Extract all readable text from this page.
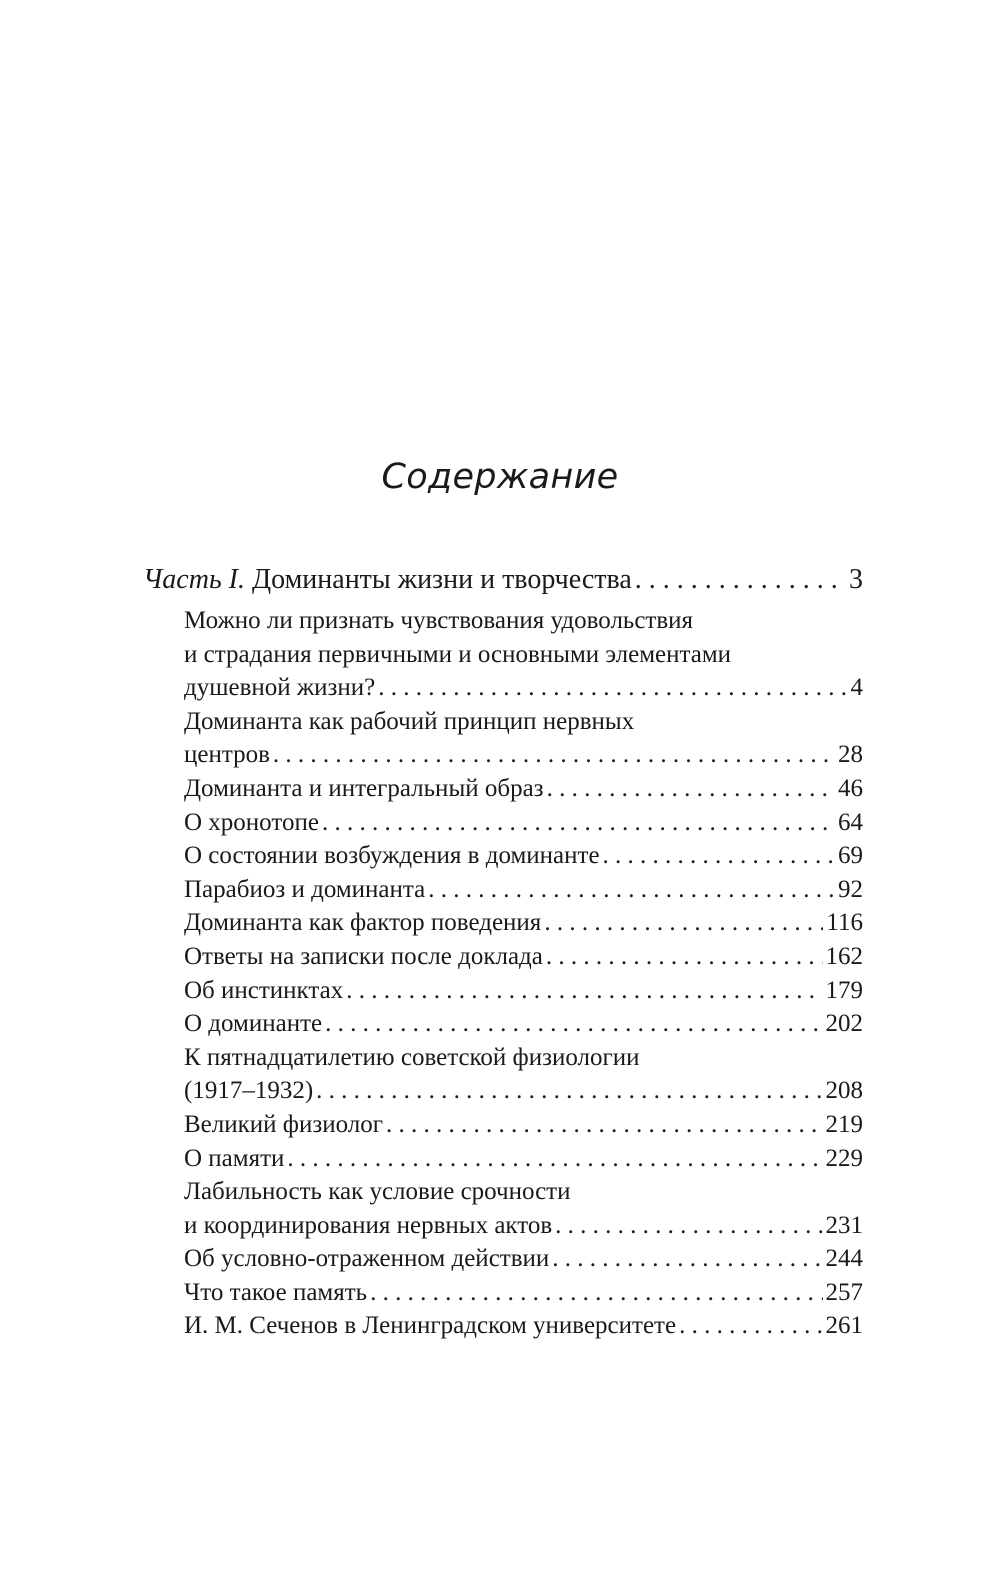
Содержание
Часть I. Доминанты жизни и творчества . . .	3
Можно ли признать чувствования удовольствия
и страдания первичными и основными элементами
душевной жизни? . . .	4
Доминанта как рабочий принцип нервных
центров . . .	28
Доминанта и интегральный образ . . .	46
О хронотопе . . .	64
О состоянии возбуждения в доминанте . . .	69
Парабиоз и доминанта . . .	92
Доминанта как фактор поведения . . .	116
Ответы на записки после доклада . . .	162
Об инстинктах . . .	179
О доминанте . . .	202
К пятнадцатилетию советской физиологии
(1917–1932) . . .	208
Великий физиолог . . .	219
О памяти . . .	229
Лабильность как условие срочности
и координирования нервных актов . . .	231
Об условно-отраженном действии . . .	244
Что такое память . . .	257
И. М. Сеченов в Ленинградском университете . . .	261
